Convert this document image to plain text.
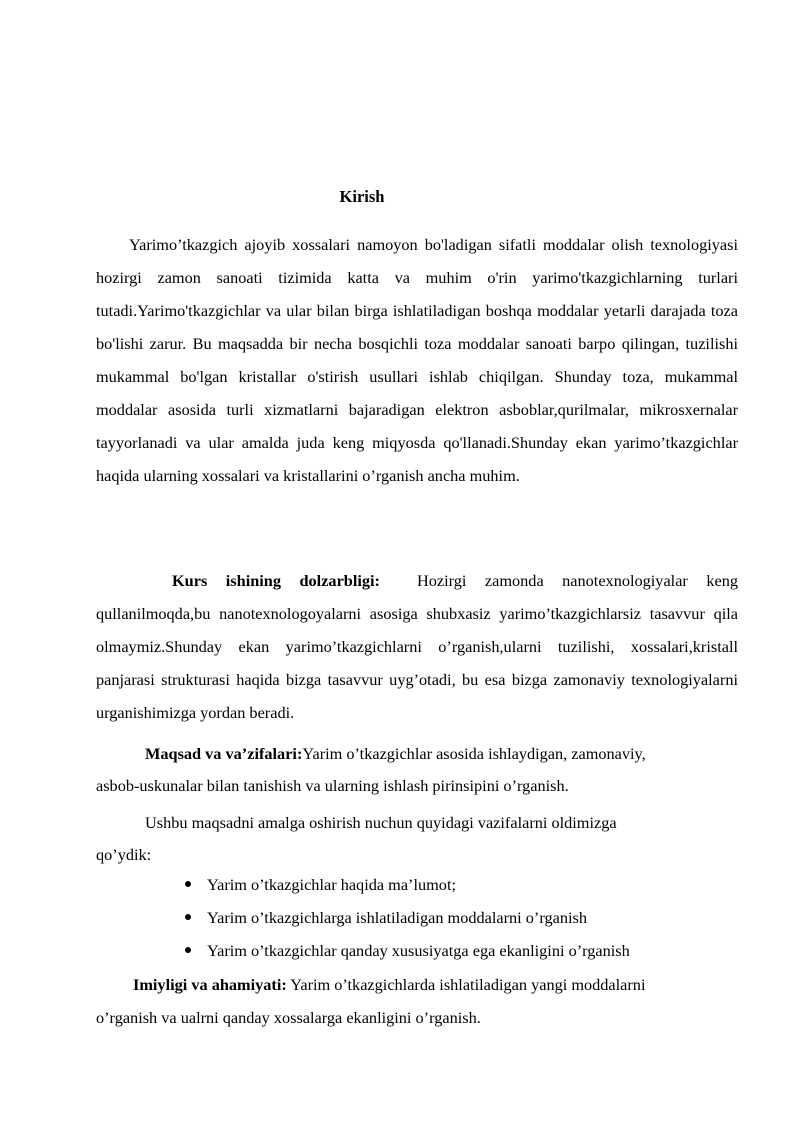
Kirish

Yarimo’tkazgich ajoyib xossalari namoyon bo'ladigan sifatli moddalar olish texnologiyasi hozirgi zamon sanoati tizimida katta va muhim o'rin yarimo'tkazgichlarning turlari tutadi.Yarimo'tkazgichlar va ular bilan birga ishlatiladigan boshqa moddalar yetarli darajada toza bo'lishi zarur. Bu maqsadda bir necha bosqichli toza moddalar sanoati barpo qilingan, tuzilishi mukammal bo'lgan kristallar o'stirish usullari ishlab chiqilgan. Shunday toza, mukammal moddalar asosida turli xizmatlarni bajaradigan elektron asboblar,qurilmalar, mikrosxernalar tayyorlanadi va ular amalda juda keng miqyosda qo'llanadi.Shunday ekan yarimo’tkazgichlar haqida ularning xossalari va kristallarini o’rganish ancha muhim.

Kurs ishining dolzarbligi: Hozirgi zamonda nanotexnologiyalar keng qullanilmoqda,bu nanotexnologoyalarni asosiga shubxasiz yarimo’tkazgichlarsiz tasavvur qila olmaymiz.Shunday ekan yarimo’tkazgichlarni o’rganish,ularni tuzilishi, xossalari,kristall panjarasi strukturasi haqida bizga tasavvur uyg’otadi, bu esa bizga zamonaviy texnologiyalarni urganishimizga yordan beradi.

Maqsad va va’zifalari:Yarim o’tkazgichlar asosida ishlaydigan, zamonaviy,
asbob-uskunalar bilan tanishish va ularning ishlash pirinsipini o’rganish.
Ushbu maqsadni amalga oshirish nuchun quyidagi vazifalarni oldimizga
qo’ydik:
Yarim o’tkazgichlar haqida ma’lumot;
Yarim o’tkazgichlarga ishlatiladigan moddalarni o’rganish
Yarim o’tkazgichlar qanday xususiyatga ega ekanligini o’rganish
Imiyligi va ahamiyati: Yarim o’tkazgichlarda ishlatiladigan yangi moddalarni
o’rganish va ualrni qanday xossalarga ekanligini o’rganish.
